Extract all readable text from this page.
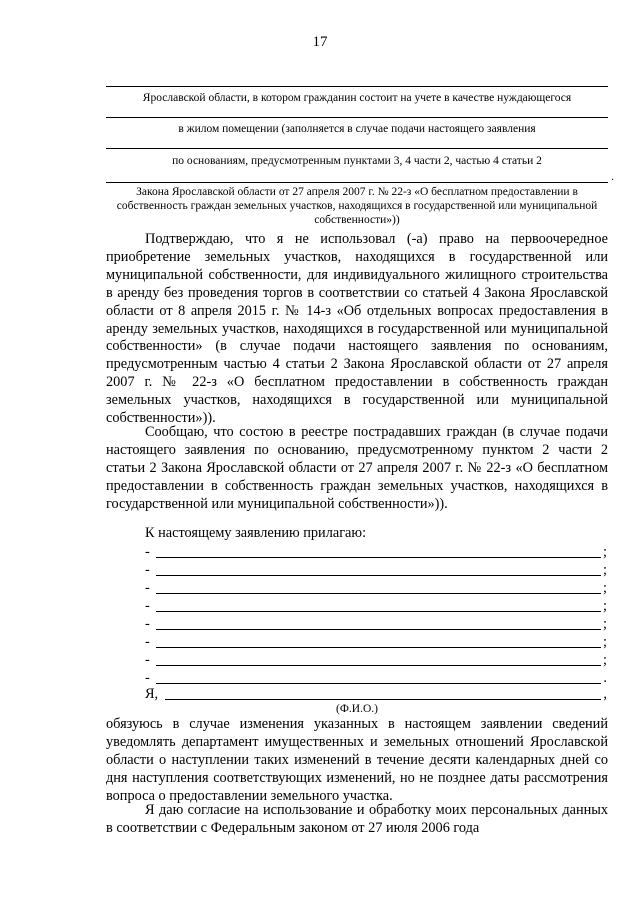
17
Ярославской области, в котором гражданин состоит на учете в качестве нуждающегося
в жилом помещении (заполняется в случае подачи настоящего заявления
по основаниям, предусмотренным пунктами 3, 4 части 2, частью 4 статьи 2
.
Закона Ярославской области от 27 апреля 2007 г. № 22-з «О бесплатном предоставлении в собственность граждан земельных участков, находящихся в государственной или муниципальной собственности»))

Подтверждаю, что я не использовал (-а) право на первоочередное приобретение земельных участков, находящихся в государственной или муниципальной собственности, для индивидуального жилищного строительства в аренду без проведения торгов в соответствии со статьей 4 Закона Ярославской области от 8 апреля 2015 г. № 14-з «Об отдельных вопросах предоставления в аренду земельных участков, находящихся в государственной или муниципальной собственности» (в случае подачи настоящего заявления по основаниям, предусмотренным частью 4 статьи 2 Закона Ярославской области от 27 апреля 2007 г. № 22-з «О бесплатном предоставлении в собственность граждан земельных участков, находящихся в государственной или муниципальной собственности»)).

Сообщаю, что состою в реестре пострадавших граждан (в случае подачи настоящего заявления по основанию, предусмотренному пунктом 2 части 2 статьи 2 Закона Ярославской области от 27 апреля 2007 г. № 22-з «О бесплатном предоставлении в собственность граждан земельных участков, находящихся в государственной или муниципальной собственности»)).

К настоящему заявлению прилагаю:
-	;
-	;
-	;
-	;
-	;
-	;
-	;
-	.
Я,	,
(Ф.И.О.)

обязуюсь в случае изменения указанных в настоящем заявлении сведений уведомлять департамент имущественных и земельных отношений Ярославской области о наступлении таких изменений в течение десяти календарных дней со дня наступления соответствующих изменений, но не позднее даты рассмотрения вопроса о предоставлении земельного участка.

Я даю согласие на использование и обработку моих персональных данных в соответствии с Федеральным законом от 27 июля 2006 года
